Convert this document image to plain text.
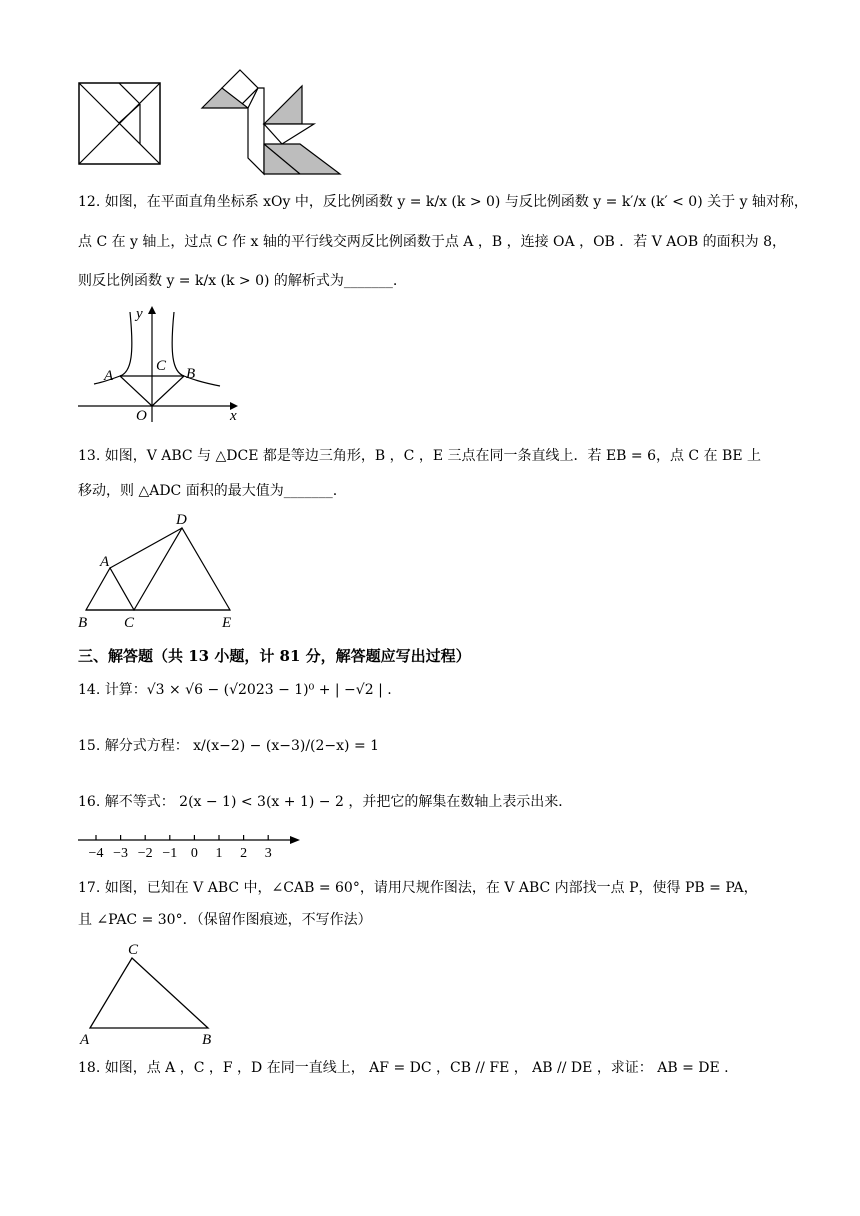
12. 如图，在平面直角坐标系 xOy 中，反比例函数 y = k/x (k > 0) 与反比例函数 y = k′/x (k′ < 0) 关于 y 轴对称，
点 C 在 y 轴上，过点 C 作 x 轴的平行线交两反比例函数于点 A ，B ，连接 OA ，OB ．若 V AOB 的面积为 8，
则反比例函数 y = k/x (k > 0) 的解析式为_______.
y
x
A	B
C
O
13. 如图，V ABC 与 △DCE 都是等边三角形，B ，C ，E 三点在同一条直线上．若 EB = 6，点 C 在 BE 上
移动，则 △ADC 面积的最大值为_______.
A
B C
D
E
三、解答题（共 13 小题，计 81 分，解答题应写出过程）
14. 计算：√3 × √6 − (√2023 − 1)⁰ + | −√2 | .
15. 解分式方程： x/(x−2) − (x−3)/(2−x) = 1
16. 解不等式： 2(x − 1) < 3(x + 1) − 2 ，并把它的解集在数轴上表示出来．
−4 −3 −2 −1 0 1 2 3
17. 如图，已知在 V ABC 中，∠CAB = 60°，请用尺规作图法，在 V ABC 内部找一点 P，使得 PB = PA，
且 ∠PAC = 30°．（保留作图痕迹，不写作法）
C
A	B
18. 如图，点 A ，C ，F ，D 在同一直线上， AF = DC ，CB // FE ， AB // DE ，求证： AB = DE .
